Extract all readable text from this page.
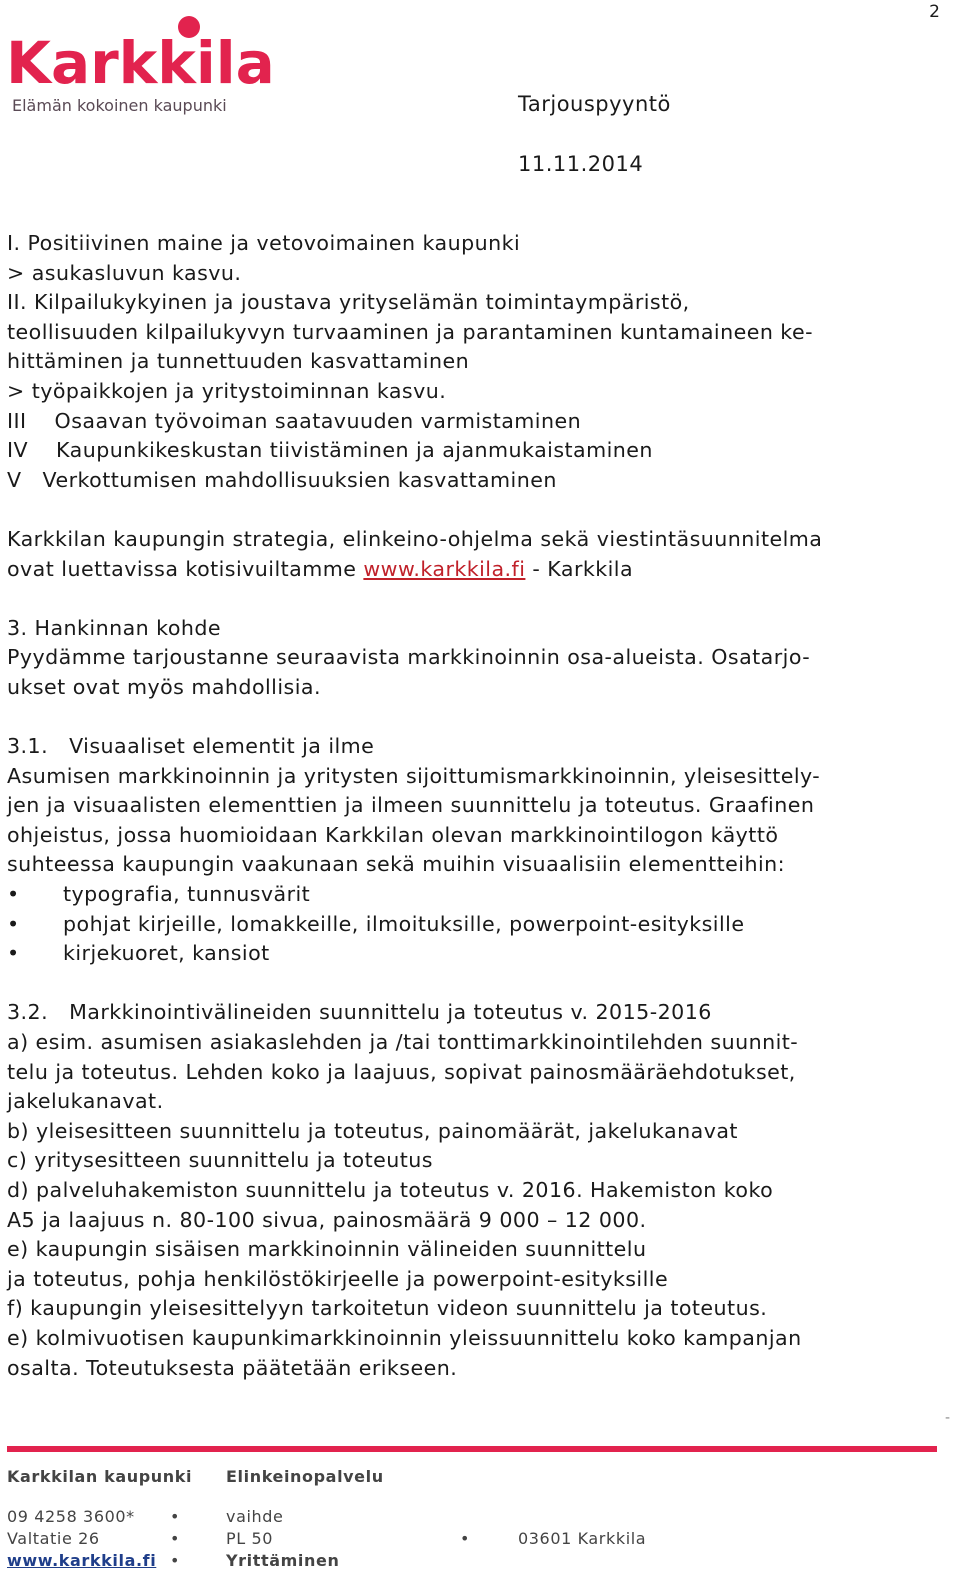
2
Karkkila
Elämän kokoinen kaupunki	Tarjouspyyntö
11.11.2014

I. Positiivinen maine ja vetovoimainen kaupunki

> asukasluvun kasvu.

II. Kilpailukykyinen ja joustava yrityselämän toimintaympäristö,

teollisuuden kilpailukyvyn turvaaminen ja parantaminen kuntamaineen ke-

hittäminen ja tunnettuuden kasvattaminen

> työpaikkojen ja yritystoiminnan kasvu.

III    Osaavan työvoiman saatavuuden varmistaminen

IV    Kaupunkikeskustan tiivistäminen ja ajanmukaistaminen

V   Verkottumisen mahdollisuuksien kasvattaminen

Karkkilan kaupungin strategia, elinkeino-ohjelma sekä viestintäsuunnitelma

ovat luettavissa kotisivuiltamme www.karkkila.fi - Karkkila

3. Hankinnan kohde

Pyydämme tarjoustanne seuraavista markkinoinnin osa-alueista. Osatarjo-

ukset ovat myös mahdollisia.

3.1.   Visuaaliset elementit ja ilme

Asumisen markkinoinnin ja yritysten sijoittumismarkkinoinnin, yleisesittely-

jen ja visuaalisten elementtien ja ilmeen suunnittelu ja toteutus. Graafinen

ohjeistus, jossa huomioidaan Karkkilan olevan markkinointilogon käyttö

suhteessa kaupungin vaakunaan sekä muihin visuaalisiin elementteihin:

• typografia, tunnusvärit

• pohjat kirjeille, lomakkeille, ilmoituksille, powerpoint-esityksille

• kirjekuoret, kansiot

3.2.   Markkinointivälineiden suunnittelu ja toteutus v. 2015-2016

a) esim. asumisen asiakaslehden ja /tai tonttimarkkinointilehden suunnit-

telu ja toteutus. Lehden koko ja laajuus, sopivat painosmääräehdotukset,

jakelukanavat.

b) yleisesitteen suunnittelu ja toteutus, painomäärät, jakelukanavat

c) yritysesitteen suunnittelu ja toteutus

d) palveluhakemiston suunnittelu ja toteutus v. 2016. Hakemiston koko

A5 ja laajuus n. 80-100 sivua, painosmäärä 9 000 – 12 000.

e) kaupungin sisäisen markkinoinnin välineiden suunnittelu

ja toteutus, pohja henkilöstökirjeelle ja powerpoint-esityksille

f) kaupungin yleisesittelyyn tarkoitetun videon suunnittelu ja toteutus.

e) kolmivuotisen kaupunkimarkkinoinnin yleissuunnittelu koko kampanjan

osalta. Toteutuksesta päätetään erikseen.

-
Karkkilan kaupunki Elinkeinopalvelu
09 4258 3600* •	vaihde
Valtatie 26	•	PL 50	•	03601 Karkkila
www.karkkila.fi •	Yrittäminen
